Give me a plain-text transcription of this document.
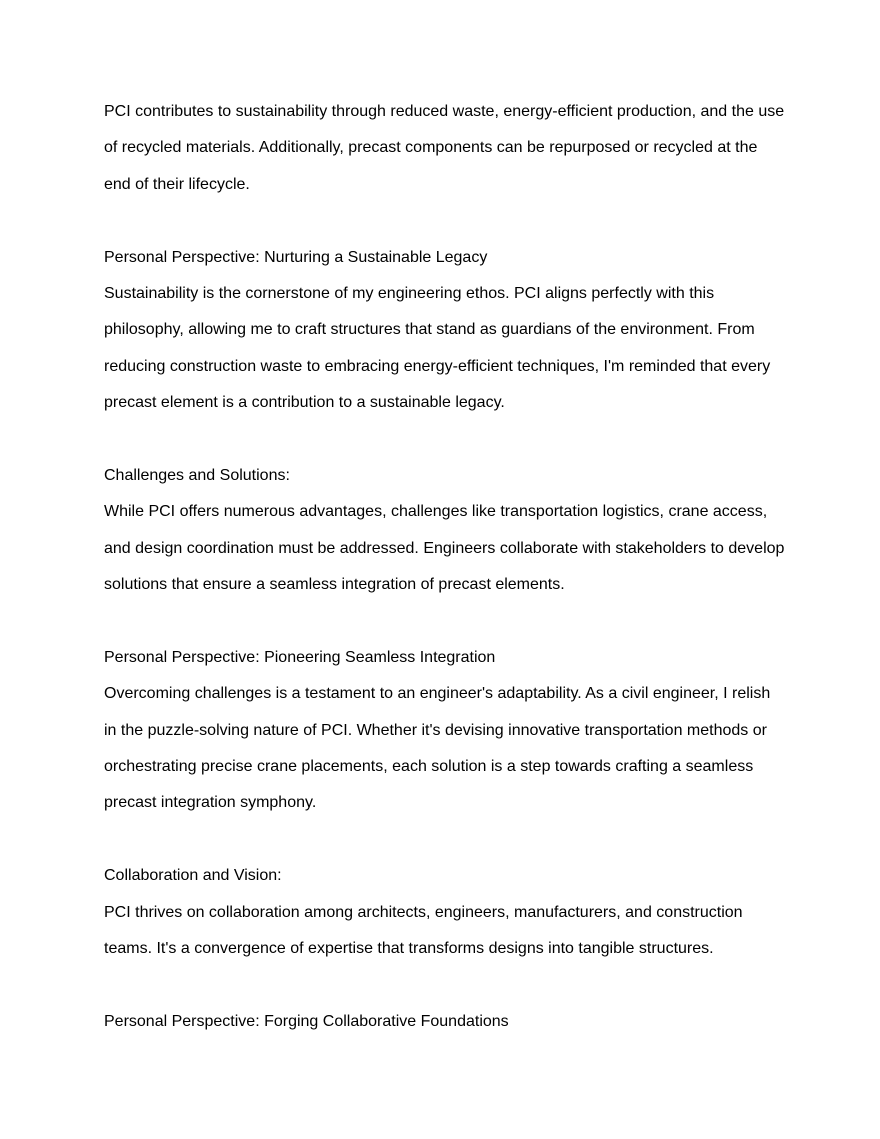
PCI contributes to sustainability through reduced waste, energy-efficient production, and the use
of recycled materials. Additionally, precast components can be repurposed or recycled at the
end of their lifecycle.
Personal Perspective: Nurturing a Sustainable Legacy
Sustainability is the cornerstone of my engineering ethos. PCI aligns perfectly with this
philosophy, allowing me to craft structures that stand as guardians of the environment. From
reducing construction waste to embracing energy-efficient techniques, I'm reminded that every
precast element is a contribution to a sustainable legacy.
Challenges and Solutions:
While PCI offers numerous advantages, challenges like transportation logistics, crane access,
and design coordination must be addressed. Engineers collaborate with stakeholders to develop
solutions that ensure a seamless integration of precast elements.
Personal Perspective: Pioneering Seamless Integration
Overcoming challenges is a testament to an engineer's adaptability. As a civil engineer, I relish
in the puzzle-solving nature of PCI. Whether it's devising innovative transportation methods or
orchestrating precise crane placements, each solution is a step towards crafting a seamless
precast integration symphony.
Collaboration and Vision:
PCI thrives on collaboration among architects, engineers, manufacturers, and construction
teams. It's a convergence of expertise that transforms designs into tangible structures.
Personal Perspective: Forging Collaborative Foundations
